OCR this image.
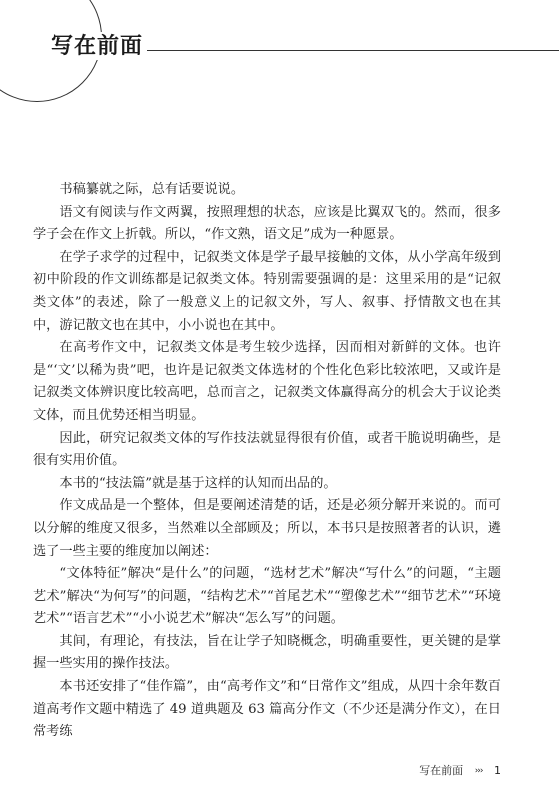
写在前面

书稿纂就之际，总有话要说说。

语文有阅读与作文两翼，按照理想的状态，应该是比翼双飞的。然而，很多学子会在作文上折戟。所以，“作文熟，语文足”成为一种愿景。

在学子求学的过程中，记叙类文体是学子最早接触的文体，从小学高年级到初中阶段的作文训练都是记叙类文体。特别需要强调的是：这里采用的是“记叙类文体”的表述，除了一般意义上的记叙文外，写人、叙事、抒情散文也在其中，游记散文也在其中，小小说也在其中。

在高考作文中，记叙类文体是考生较少选择，因而相对新鲜的文体。也许是“‘文’以稀为贵”吧，也许是记叙类文体选材的个性化色彩比较浓吧，又或许是记叙类文体辨识度比较高吧，总而言之，记叙类文体赢得高分的机会大于议论类文体，而且优势还相当明显。

因此，研究记叙类文体的写作技法就显得很有价值，或者干脆说明确些，是很有实用价值。

本书的“技法篇”就是基于这样的认知而出品的。

作文成品是一个整体，但是要阐述清楚的话，还是必须分解开来说的。而可以分解的维度又很多，当然难以全部顾及；所以，本书只是按照著者的认识，遴选了一些主要的维度加以阐述：

“文体特征”解决“是什么”的问题，“选材艺术”解决“写什么”的问题，“主题艺术”解决“为何写”的问题，“结构艺术”“首尾艺术”“塑像艺术”“细节艺术”“环境艺术”“语言艺术”“小小说艺术”解决“怎么写”的问题。

其间，有理论，有技法，旨在让学子知晓概念，明确重要性，更关键的是掌握一些实用的操作技法。

本书还安排了“佳作篇”，由“高考作文”和“日常作文”组成，从四十余年数百道高考作文题中精选了 49 道典题及 63 篇高分作文（不少还是满分作文），在日常考练

写在前面 ››› 1
